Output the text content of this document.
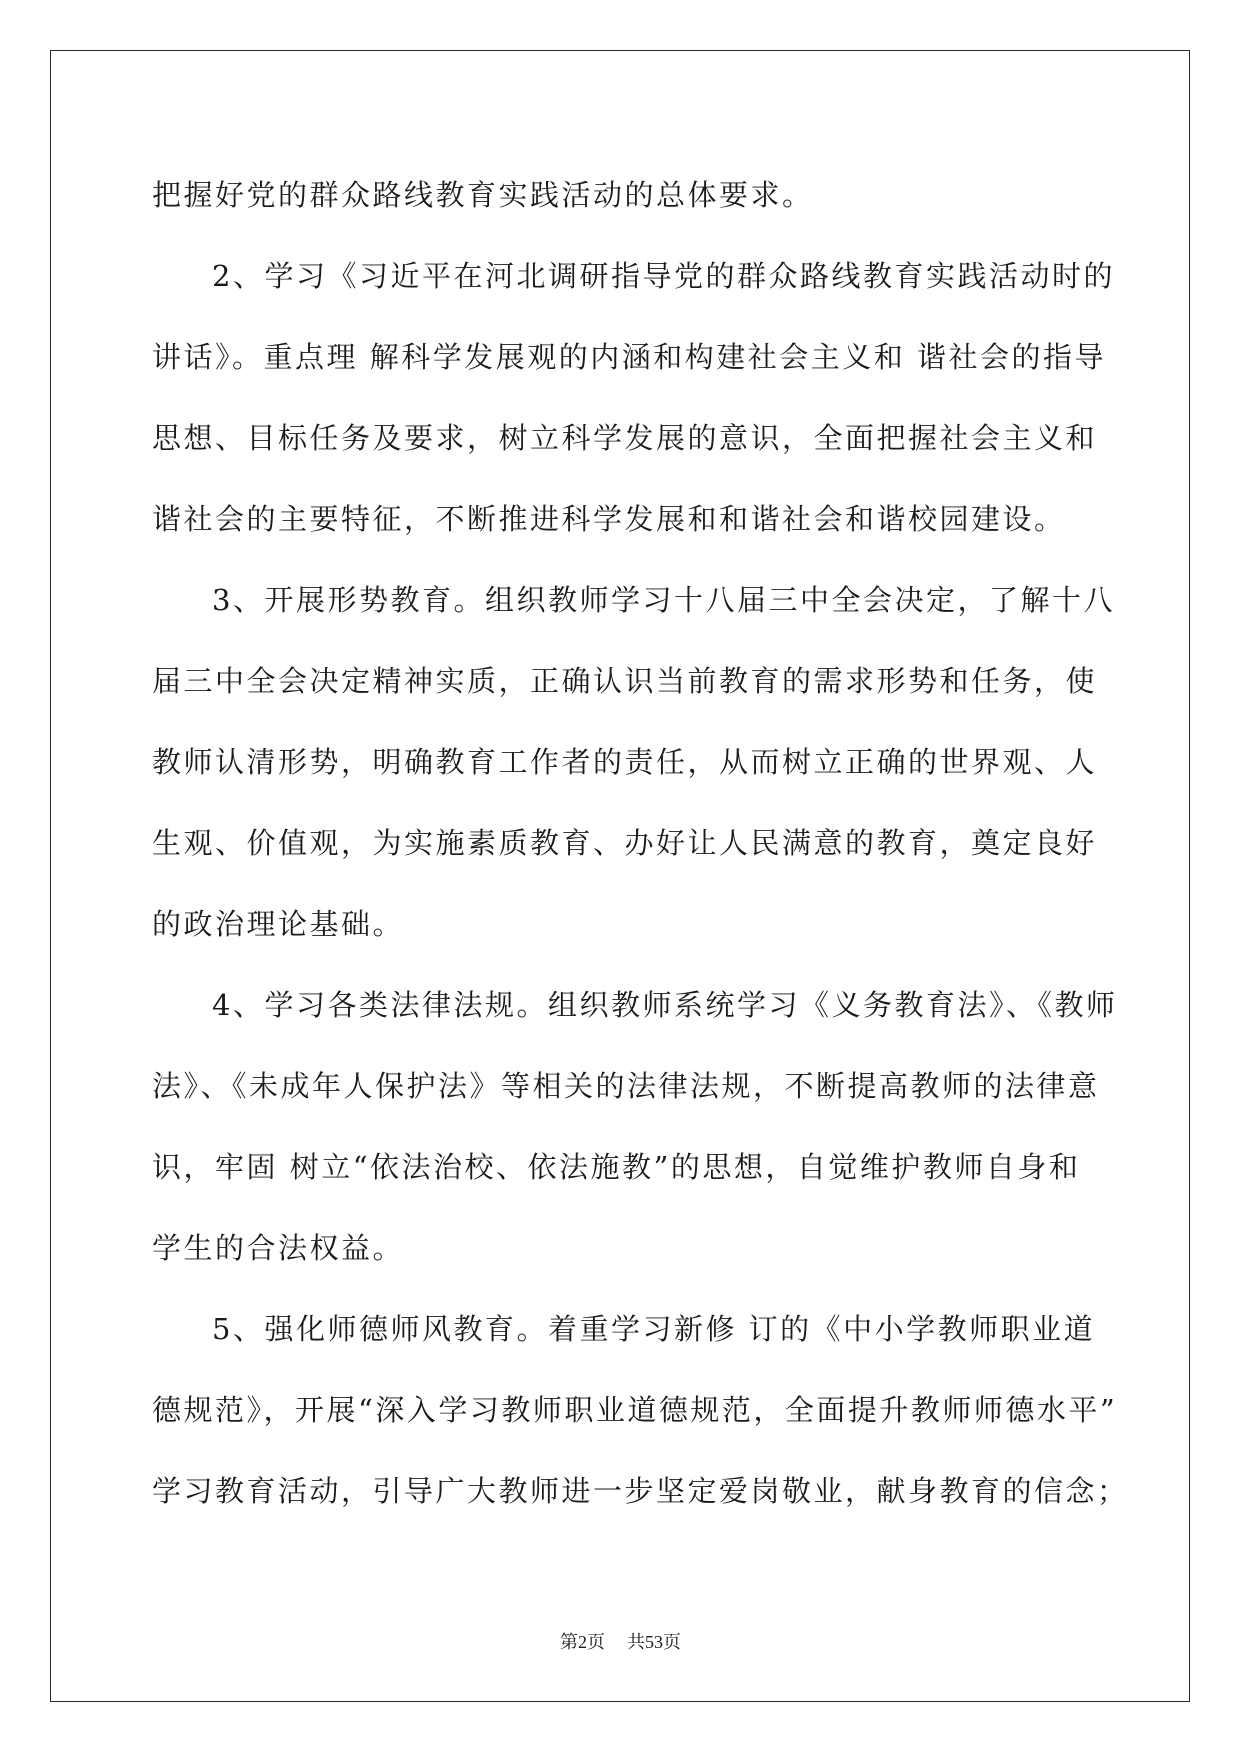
把握好党的群众路线教育实践活动的总体要求。
2、学习《习近平在河北调研指导党的群众路线教育实践活动时的
讲话》。重点理 解科学发展观的内涵和构建社会主义和 谐社会的指导
思想、目标任务及要求，树立科学发展的意识，全面把握社会主义和
谐社会的主要特征，不断推进科学发展和和谐社会和谐校园建设。
3、开展形势教育。组织教师学习十八届三中全会决定，了解十八
届三中全会决定精神实质，正确认识当前教育的需求形势和任务，使
教师认清形势，明确教育工作者的责任，从而树立正确的世界观、人
生观、价值观，为实施素质教育、办好让人民满意的教育，奠定良好
的政治理论基础。
4、学习各类法律法规。组织教师系统学习《义务教育法》、《教师
法》、《未成年人保护法》等相关的法律法规，不断提高教师的法律意
识，牢固 树立“依法治校、依法施教”的思想，自觉维护教师自身和
学生的合法权益。
5、强化师德师风教育。着重学习新修 订的《中小学教师职业道
德规范》，开展“深入学习教师职业道德规范，全面提升教师师德水平”
学习教育活动，引导广大教师进一步坚定爱岗敬业，献身教育的信念；
第2页 共53页
